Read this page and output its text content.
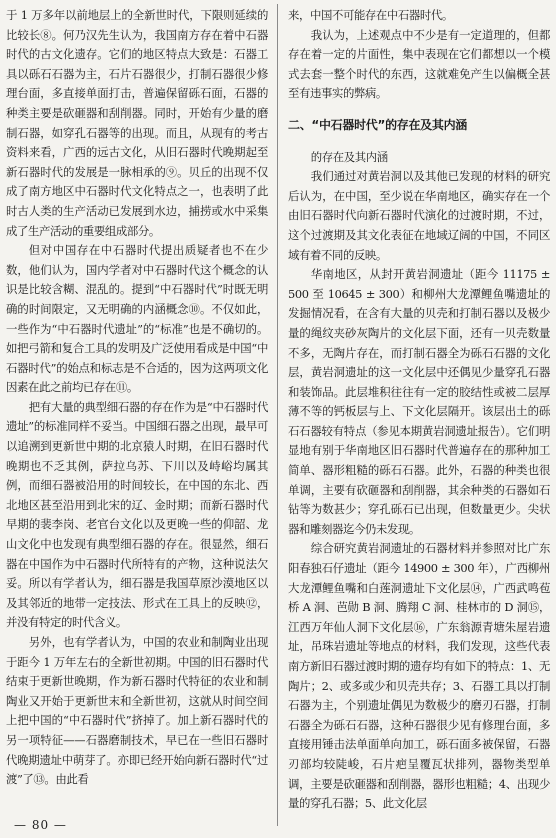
于 1 万多年以前地层上的全新世时代，下限则延续的比较长⑧。何乃汉先生认为，我国南方存在着中石器时代的古文化遗存。它们的地区特点大致是：石器工具以砾石石器为主，石片石器很少，打制石器很少修理台面，多直接单面打击，普遍保留砾石面，石器的种类主要是砍砸器和刮削器。同时，开始有少量的磨制石器，如穿孔石器等的出现。而且，从现有的考古资料来看，广西的远古文化，从旧石器时代晚期起至新石器时代的发展是一脉相承的⑨。贝丘的出现不仅成了南方地区中石器时代文化特点之一，也表明了此时古人类的生产活动已发展到水边，捕捞或水中采集成了生产活动的重要组成部分。

但对中国存在中石器时代提出质疑者也不在少数，他们认为，国内学者对中石器时代这个概念的认识是比较含糊、混乱的。提到“中石器时代”时既无明确的时间限定，又无明确的内涵概念⑩。不仅如此，一些作为“中石器时代遗址”的“标准”也是不确切的。如把弓箭和复合工具的发明及广泛使用看成是中国“中石器时代”的始点和标志是不合适的，因为这两项文化因素在此之前均已存在⑪。

把有大量的典型细石器的存在作为是“中石器时代遗址”的标准同样不妥当。中国细石器之出现，最早可以追溯到更新世中期的北京猿人时期，在旧石器时代晚期也不乏其例，萨拉乌苏、下川以及峙峪均属其例，而细石器被沿用的时间较长，在中国的东北、西北地区甚至沿用到北宋的辽、金时期；而新石器时代早期的裴李岗、老官台文化以及更晚一些的仰韶、龙山文化中也发现有典型细石器的存在。很显然，细石器在中国作为中石器时代所特有的产物，这种说法欠妥。所以有学者认为，细石器是我国草原沙漠地区以及其邻近的地带一定技法、形式在工具上的反映⑫，并没有特定的时代含义。

另外，也有学者认为，中国的农业和制陶业出现于距今 1 万年左右的全新世初期。中国的旧石器时代结束于更新世晚期，作为新石器时代特征的农业和制陶业又开始于更新世末和全新世初，这就从时间空间上把中国的“中石器时代”挤掉了。加上新石器时代的另一项特征——石器磨制技术，早已在一些旧石器时代晚期遗址中萌芽了。亦即已经开始向新石器时代“过渡”了⑬。由此看

来，中国不可能存在中石器时代。

我认为，上述观点中不少是有一定道理的，但都存在着一定的片面性，集中表现在它们都想以一个模式去套一整个时代的东西，这就难免产生以偏概全甚至有违事实的弊病。

二、“中石器时代”的存在及其内涵

的存在及其内涵

我们通过对黄岩洞以及其他已发现的材料的研究后认为，在中国，至少说在华南地区，确实存在一个由旧石器时代向新石器时代演化的过渡时期，不过，这个过渡期及其文化表征在地域辽阔的中国，不同区域有着不同的反映。

华南地区，从封开黄岩洞遗址（距今 11175 ± 500 至 10645 ± 300）和柳州大龙潭鲤鱼嘴遗址的发掘情况看，在含有大量的贝壳和打制石器以及极少量的绳纹夹砂灰陶片的文化层下面，还有一贝壳数量不多，无陶片存在，而打制石器全为砾石石器的文化层，黄岩洞遗址的这一文化层中还偶见少量穿孔石器和装饰品。此层堆积往往有一定的胶结性或被二层厚薄不等的钙板层与上、下文化层隔开。该层出土的砾石石器较有特点（参见本期黄岩洞遗址报告）。它们明显地有别于华南地区旧石器时代普遍存在的那种加工简单、器形粗糙的砾石石器。此外，石器的种类也很单调，主要有砍砸器和刮削器，其余种类的石器如石钻等为数甚少；穿孔砾石已出现，但数量更少。尖状器和雕刻器迄今仍未发现。

综合研究黄岩洞遗址的石器材料并参照对比广东阳春独石仔遗址（距今 14900 ± 300 年），广西柳州大龙潭鲤鱼嘴和白莲洞遗址下文化层⑭，广西武鸣苞桥 A 洞、芭勋 B 洞、腾翔 C 洞、桂林市的 D 洞⑮，江西万年仙人洞下文化层⑯，广东翁源青塘朱屋岩遗址，吊珠岩遗址等地点的材料，我们发现，这些代表南方新旧石器过渡时期的遗存均有如下的特点：1、无陶片；2、或多或少和贝壳共存；3、石器工具以打制石器为主，个别遗址偶见为数极少的磨刃石器，打制石器全为砾石石器，这种石器很少见有修理台面，多直接用锤击法单面单向加工，砾石面多被保留，石器刃部均较陡峻，石片疤呈覆瓦状排列，器物类型单调，主要是砍砸器和刮削器，器形也粗糙；4、出现少量的穿孔石器；5、此文化层

— 80 —
